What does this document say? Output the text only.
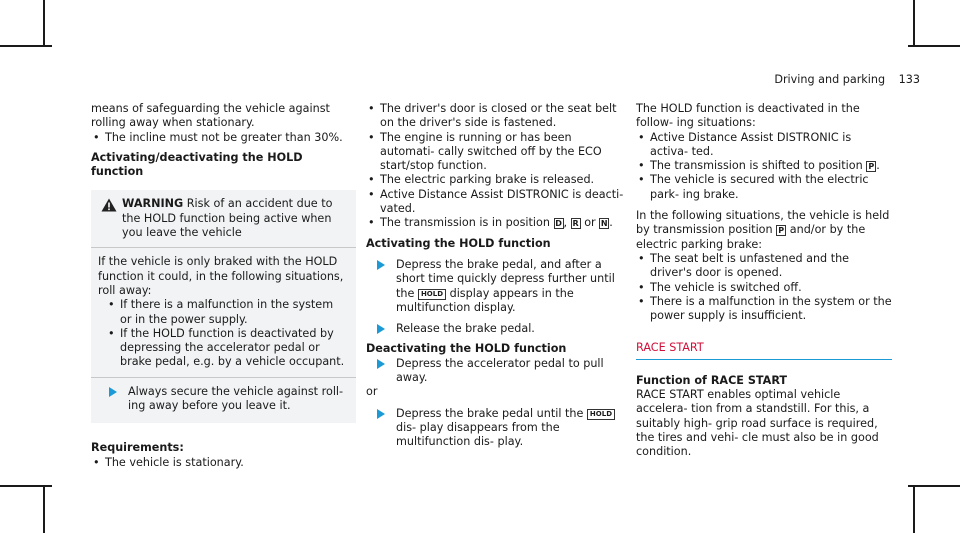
Driving and parking 133

means of safeguarding the vehicle against rolling away when stationary.

• The incline must not be greater than 30%.
Activating/deactivating the HOLD function
WARNING Risk of an accident due to the HOLD function being active when you leave the vehicle

If the vehicle is only braked with the HOLD function it could, in the following situations, roll away:

• If there is a malfunction in the system or in the power supply.
• If the HOLD function is deactivated by depressing the accelerator pedal or brake pedal, e.g. by a vehicle occupant.
Always secure the vehicle against roll- ing away before you leave it.
Requirements:
• The vehicle is stationary.
• The driver's door is closed or the seat belt on the driver's side is fastened.
• The engine is running or has been automati- cally switched off by the ECO start/stop function.
• The electric parking brake is released.
• Active Distance Assist DISTRONIC is deacti- vated.
• The transmission is in position D , R or N .
Activating the HOLD function
Depress the brake pedal, and after a short time quickly depress further until the HOLD display appears in the multifunction display.
Release the brake pedal.
Deactivating the HOLD function
Depress the accelerator pedal to pull away.

or

Depress the brake pedal until the HOLD dis- play disappears from the multifunction dis- play.

The HOLD function is deactivated in the follow- ing situations:

• Active Distance Assist DISTRONIC is activa- ted.
• The transmission is shifted to position P .
• The vehicle is secured with the electric park- ing brake.

In the following situations, the vehicle is held by transmission position P and/or by the electric parking brake:

• The seat belt is unfastened and the driver's door is opened.
• The vehicle is switched off.
• There is a malfunction in the system or the power supply is insufficient.
RACE START
Function of RACE START

RACE START enables optimal vehicle accelera- tion from a standstill. For this, a suitably high- grip road surface is required, the tires and vehi- cle must also be in good condition.
